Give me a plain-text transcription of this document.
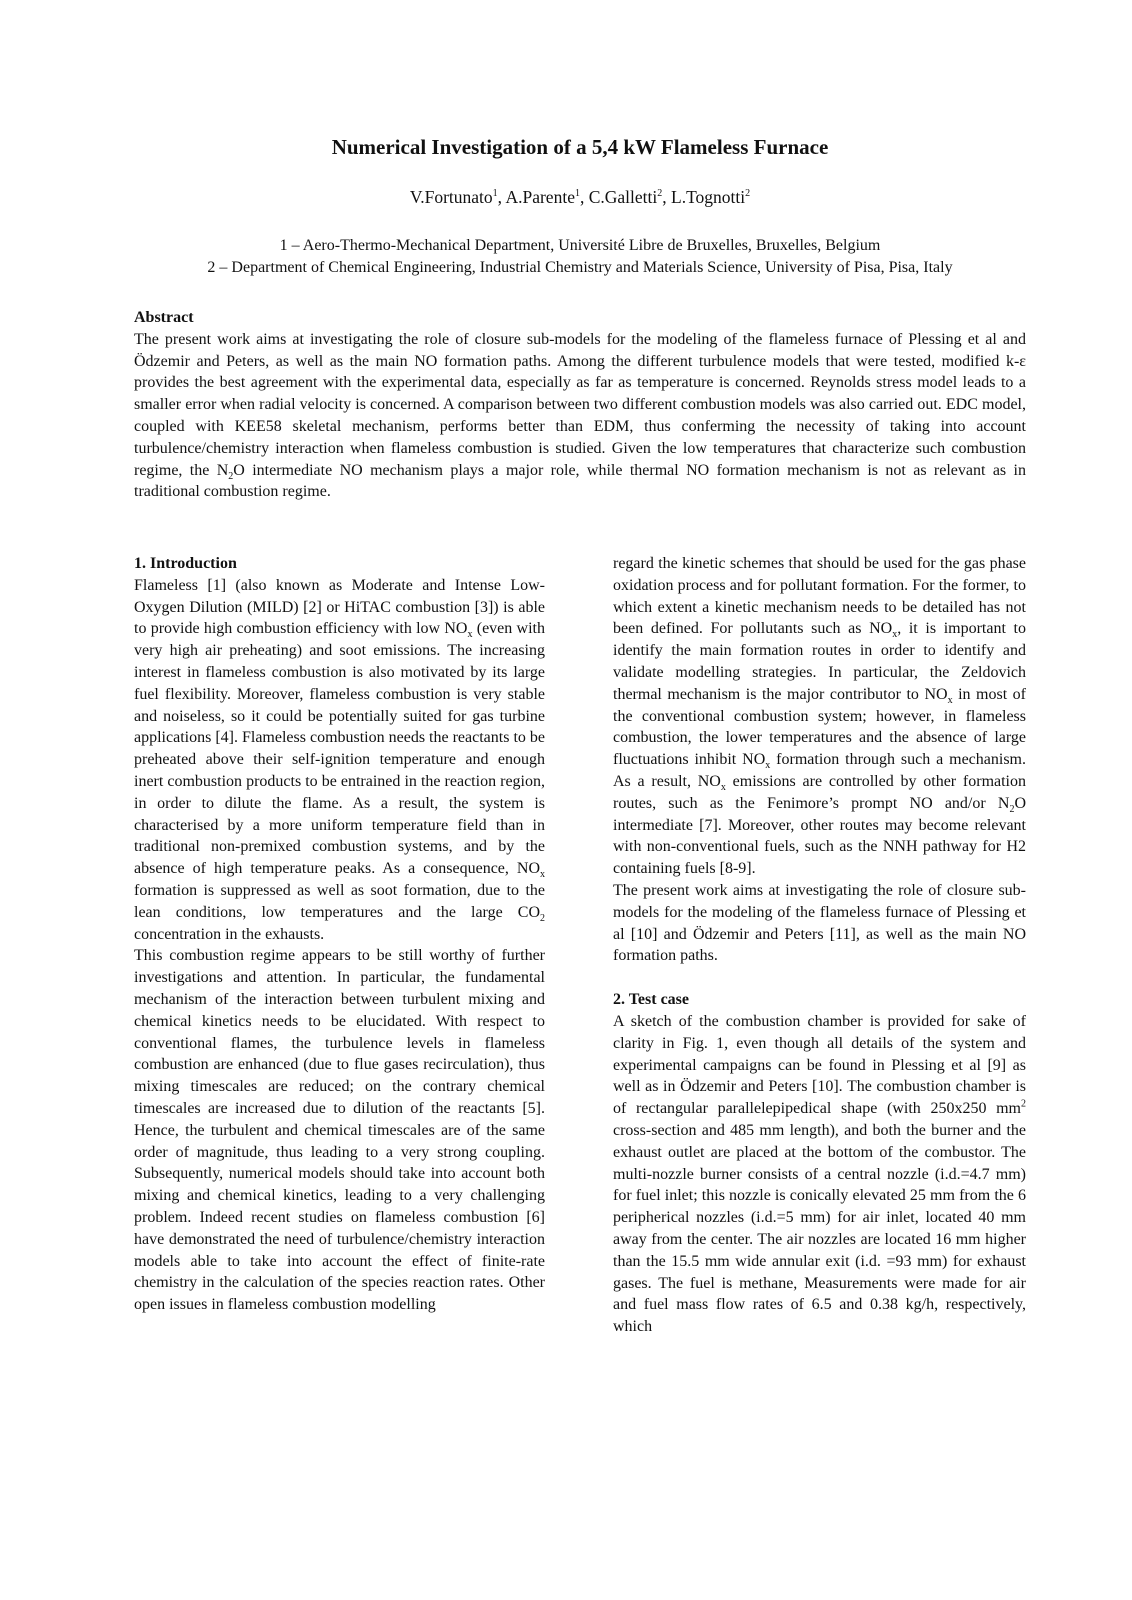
Numerical Investigation of a 5,4 kW Flameless Furnace
V.Fortunato$^1$, A.Parente$^1$, C.Galletti$^2$, L.Tognotti$^2$
1 – Aero-Thermo-Mechanical Department, Université Libre de Bruxelles, Bruxelles, Belgium
2 – Department of Chemical Engineering, Industrial Chemistry and Materials Science, University of Pisa, Pisa, Italy
Abstract

The present work aims at investigating the role of closure sub-models for the modeling of the flameless furnace of Plessing et al and Ödzemir and Peters, as well as the main NO formation paths. Among the different turbulence models that were tested, modified k-ε provides the best agreement with the experimental data, especially as far as temperature is concerned. Reynolds stress model leads to a smaller error when radial velocity is concerned. A comparison between two different combustion models was also carried out. EDC model, coupled with KEE58 skeletal mechanism, performs better than EDM, thus conferming the necessity of taking into account turbulence/chemistry interaction when flameless combustion is studied. Given the low temperatures that characterize such combustion regime, the $N_2O$ intermediate NO mechanism plays a major role, while thermal NO formation mechanism is not as relevant as in traditional combustion regime.

1. Introduction

Flameless [1] (also known as Moderate and Intense Low-Oxygen Dilution (MILD) [2] or HiTAC combustion [3]) is able to provide high combustion efficiency with low $NO_x$ (even with very high air preheating) and soot emissions. The increasing interest in flameless combustion is also motivated by its large fuel flexibility. Moreover, flameless combustion is very stable and noiseless, so it could be potentially suited for gas turbine applications [4]. Flameless combustion needs the reactants to be preheated above their self-ignition temperature and enough inert combustion products to be entrained in the reaction region, in order to dilute the flame. As a result, the system is characterised by a more uniform temperature field than in traditional non-premixed combustion systems, and by the absence of high temperature peaks. As a consequence, $NO_x$ formation is suppressed as well as soot formation, due to the lean conditions, low temperatures and the large $CO_2$ concentration in the exhausts.

This combustion regime appears to be still worthy of further investigations and attention. In particular, the fundamental mechanism of the interaction between turbulent mixing and chemical kinetics needs to be elucidated. With respect to conventional flames, the turbulence levels in flameless combustion are enhanced (due to flue gases recirculation), thus mixing timescales are reduced; on the contrary chemical timescales are increased due to dilution of the reactants [5]. Hence, the turbulent and chemical timescales are of the same order of magnitude, thus leading to a very strong coupling. Subsequently, numerical models should take into account both mixing and chemical kinetics, leading to a very challenging problem. Indeed recent studies on flameless combustion [6] have demonstrated the need of turbulence/chemistry interaction models able to take into account the effect of finite-rate chemistry in the calculation of the species reaction rates. Other open issues in flameless combustion modelling

regard the kinetic schemes that should be used for the gas phase oxidation process and for pollutant formation. For the former, to which extent a kinetic mechanism needs to be detailed has not been defined. For pollutants such as $NO_x$, it is important to identify the main formation routes in order to identify and validate modelling strategies. In particular, the Zeldovich thermal mechanism is the major contributor to $NO_x$ in most of the conventional combustion system; however, in flameless combustion, the lower temperatures and the absence of large fluctuations inhibit $NO_x$ formation through such a mechanism. As a result, $NO_x$ emissions are controlled by other formation routes, such as the Fenimore’s prompt NO and/or $N_2O$ intermediate [7]. Moreover, other routes may become relevant with non-conventional fuels, such as the NNH pathway for H2 containing fuels [8-9].

The present work aims at investigating the role of closure sub-models for the modeling of the flameless furnace of Plessing et al [10] and Ödzemir and Peters [11], as well as the main NO formation paths.

2. Test case

A sketch of the combustion chamber is provided for sake of clarity in Fig. 1, even though all details of the system and experimental campaigns can be found in Plessing et al [9] as well as in Ödzemir and Peters [10]. The combustion chamber is of rectangular parallelepipedical shape (with 250x250 $mm^2$ cross-section and 485 mm length), and both the burner and the exhaust outlet are placed at the bottom of the combustor. The multi-nozzle burner consists of a central nozzle (i.d.=4.7 mm) for fuel inlet; this nozzle is conically elevated 25 mm from the 6 peripherical nozzles (i.d.=5 mm) for air inlet, located 40 mm away from the center. The air nozzles are located 16 mm higher than the 15.5 mm wide annular exit (i.d. =93 mm) for exhaust gases. The fuel is methane, Measurements were made for air and fuel mass flow rates of 6.5 and 0.38 kg/h, respectively, which
